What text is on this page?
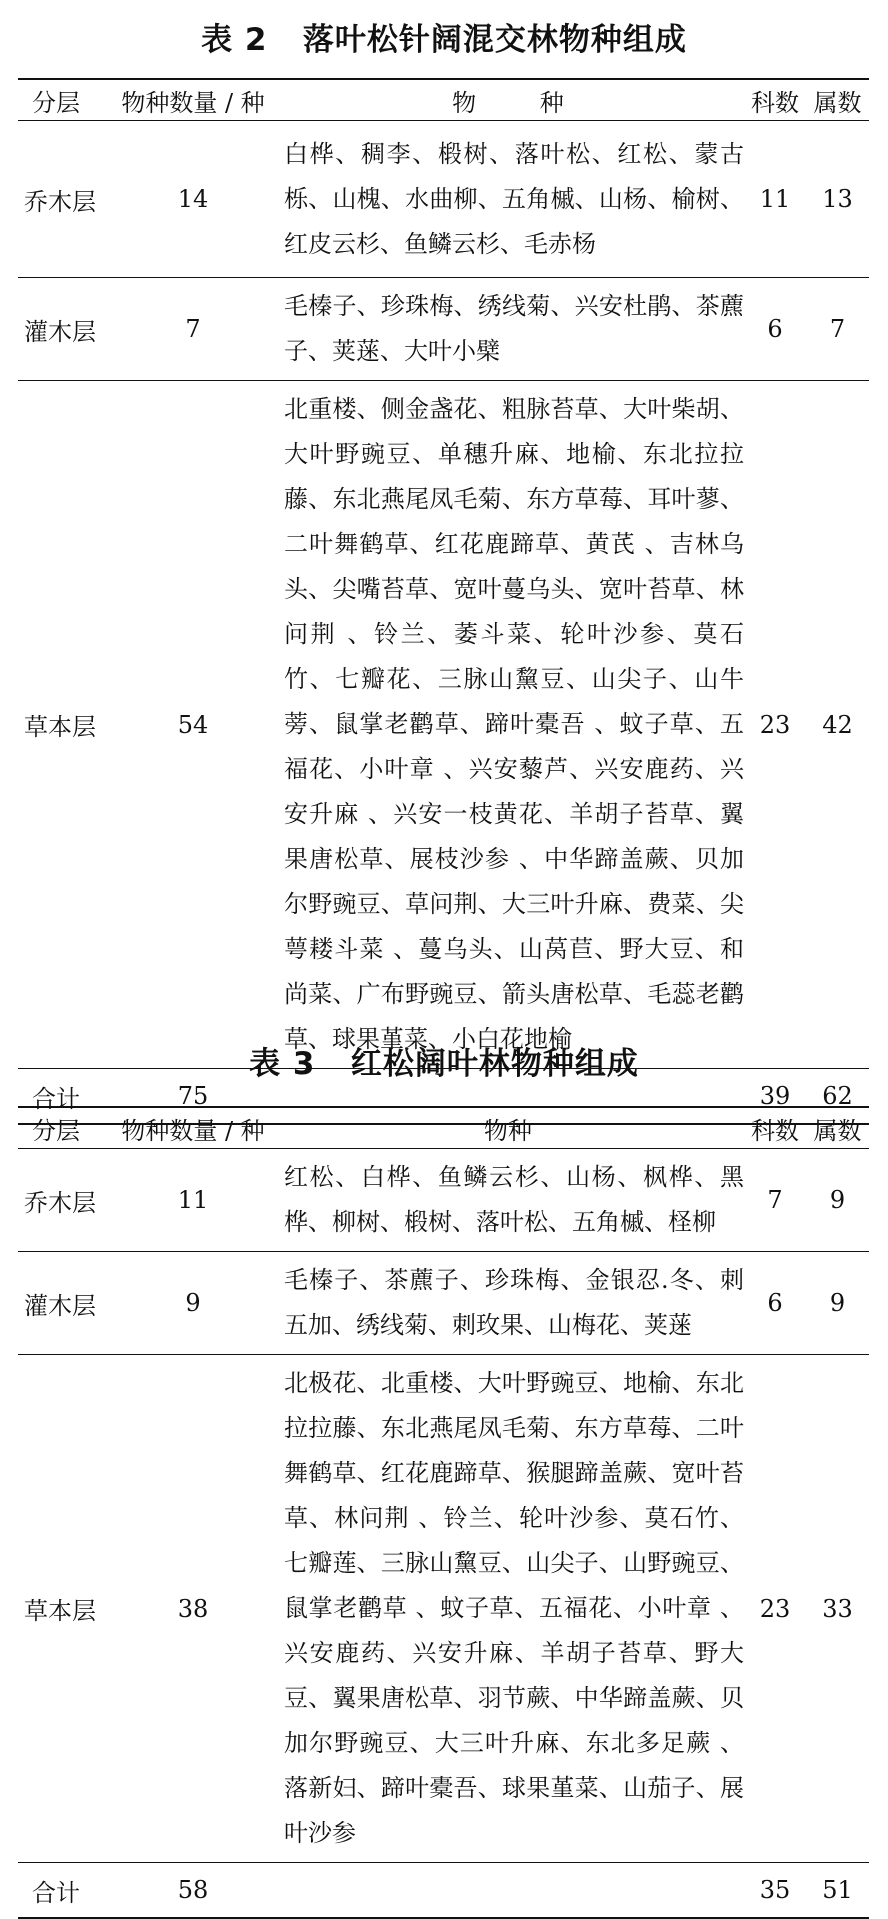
表 2   落叶松针阔混交林物种组成
分层	物种数量 / 种	物 种	科数	属数
乔木层	14	白桦、稠李、椴树、落叶松、红松、蒙古栎、山槐、水曲柳、五角槭、山杨、榆树、红皮云杉、鱼鳞云杉、毛赤杨	11	13
灌木层	7	毛榛子、珍珠梅、绣线菊、兴安杜鹃、茶藨子、荚蒾、大叶小檗	6	7
草本层	54	北重楼、侧金盏花、粗脉苔草、大叶柴胡、大叶野豌豆、单穗升麻、地榆、东北拉拉藤、东北燕尾凤毛菊、东方草莓、耳叶蓼、二叶舞鹤草、红花鹿蹄草、黄芪 、吉林乌头、尖嘴苔草、宽叶蔓乌头、宽叶苔草、林问荆 、铃兰、萎斗菜、轮叶沙参、莫石竹、七瓣花、三脉山黧豆、山尖子、山牛蒡、鼠掌老鹳草、蹄叶橐吾 、蚊子草、五福花、小叶章 、兴安藜芦、兴安鹿药、兴安升麻 、兴安一枝黄花、羊胡子苔草、翼果唐松草、展枝沙参 、中华蹄盖蕨、贝加尔野豌豆、草问荆、大三叶升麻、费菜、尖萼耧斗菜 、蔓乌头、山莴苣、野大豆、和尚菜、广布野豌豆、箭头唐松草、毛蕊老鹳草、球果堇菜、小白花地榆	23	42
合计	75		39	62
表 3   红松阔叶林物种组成
分层	物种数量 / 种	物种	科数	属数
乔木层	11	红松、白桦、鱼鳞云杉、山杨、枫桦、黑桦、柳树、椴树、落叶松、五角槭、柽柳	7	9
灌木层	9	毛榛子、茶藨子、珍珠梅、金银忍.冬、刺五加、绣线菊、刺玫果、山梅花、荚蒾	6	9
草本层	38	北极花、北重楼、大叶野豌豆、地榆、东北拉拉藤、东北燕尾凤毛菊、东方草莓、二叶舞鹤草、红花鹿蹄草、猴腿蹄盖蕨、宽叶苔草、林问荆 、铃兰、轮叶沙参、莫石竹、七瓣莲、三脉山黧豆、山尖子、山野豌豆、鼠掌老鹳草 、蚊子草、五福花、小叶章 、兴安鹿药、兴安升麻、羊胡子苔草、野大豆、翼果唐松草、羽节蕨、中华蹄盖蕨、贝加尔野豌豆、大三叶升麻、东北多足蕨 、落新妇、蹄叶橐吾、球果堇菜、山茄子、展叶沙参	23	33
合计	58		35	51
